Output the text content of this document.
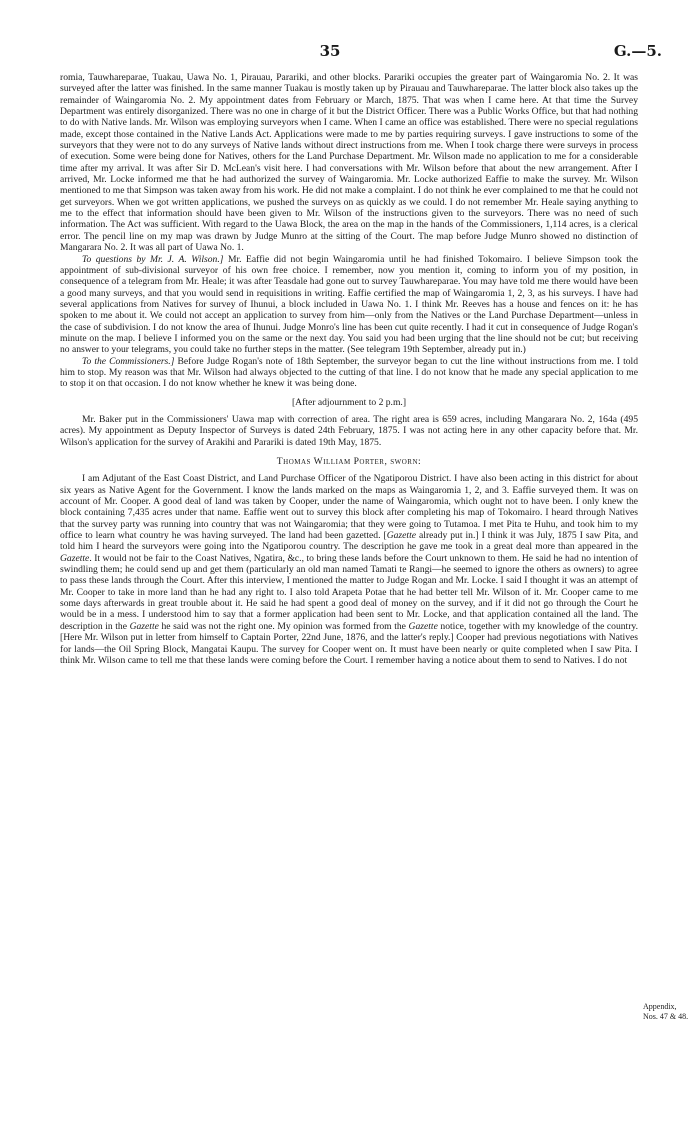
35	G.—5.

romia, Tauwhareparae, Tuakau, Uawa No. 1, Pirauau, Parariki, and other blocks. Parariki occupies the greater part of Waingaromia No. 2. It was surveyed after the latter was finished. In the same manner Tuakau is mostly taken up by Pirauau and Tauwhareparae. The latter block also takes up the remainder of Waingaromia No. 2. My appointment dates from February or March, 1875. That was when I came here. At that time the Survey Department was entirely disorganized. There was no one in charge of it but the District Officer. There was a Public Works Office, but that had nothing to do with Native lands. Mr. Wilson was employing surveyors when I came. When I came an office was established. There were no special regulations made, except those contained in the Native Lands Act. Applications were made to me by parties requiring surveys. I gave instructions to some of the surveyors that they were not to do any surveys of Native lands without direct instructions from me. When I took charge there were surveys in process of execution. Some were being done for Natives, others for the Land Purchase Department. Mr. Wilson made no application to me for a considerable time after my arrival. It was after Sir D. McLean's visit here. I had conversations with Mr. Wilson before that about the new arrangement. After I arrived, Mr. Locke informed me that he had authorized the survey of Waingaromia. Mr. Locke authorized Eaffie to make the survey. Mr. Wilson mentioned to me that Simpson was taken away from his work. He did not make a complaint. I do not think he ever complained to me that he could not get surveyors. When we got written applications, we pushed the surveys on as quickly as we could. I do not remember Mr. Heale saying anything to me to the effect that information should have been given to Mr. Wilson of the instructions given to the surveyors. There was no need of such information. The Act was sufficient. With regard to the Uawa Block, the area on the map in the hands of the Commissioners, 1,114 acres, is a clerical error. The pencil line on my map was drawn by Judge Munro at the sitting of the Court. The map before Judge Munro showed no distinction of Mangarara No. 2. It was all part of Uawa No. 1.

To questions by Mr. J. A. Wilson.] Mr. Eaffie did not begin Waingaromia until he had finished Tokomairo. I believe Simpson took the appointment of sub-divisional surveyor of his own free choice. I remember, now you mention it, coming to inform you of my position, in consequence of a telegram from Mr. Heale; it was after Teasdale had gone out to survey Tauwhareparae. You may have told me there would have been a good many surveys, and that you would send in requisitions in writing. Eaffie certified the map of Waingaromia 1, 2, 3, as his surveys. I have had several applications from Natives for survey of Ihunui, a block included in Uawa No. 1. I think Mr. Reeves has a house and fences on it: he has spoken to me about it. We could not accept an application to survey from him—only from the Natives or the Land Purchase Department—unless in the case of subdivision. I do not know the area of Ihunui. Judge Monro's line has been cut quite recently. I had it cut in consequence of Judge Rogan's minute on the map. I believe I informed you on the same or the next day. You said you had been urging that the line should not be cut; but receiving no answer to your telegrams, you could take no further steps in the matter. (See telegram 19th September, already put in.)

To the Commissioners.] Before Judge Rogan's note of 18th September, the surveyor began to cut the line without instructions from me. I told him to stop. My reason was that Mr. Wilson had always objected to the cutting of that line. I do not know that he made any special application to me to stop it on that occasion. I do not know whether he knew it was being done.

[After adjournment to 2 p.m.]

Mr. Baker put in the Commissioners' Uawa map with correction of area. The right area is 659 acres, including Mangarara No. 2, 164a (495 acres). My appointment as Deputy Inspector of Surveys is dated 24th February, 1875. I was not acting here in any other capacity before that. Mr. Wilson's application for the survey of Arakihi and Parariki is dated 19th May, 1875.

Thomas William Porter, sworn:

I am Adjutant of the East Coast District, and Land Purchase Officer of the Ngatiporou District. I have also been acting in this district for about six years as Native Agent for the Government. I know the lands marked on the maps as Waingaromia 1, 2, and 3. Eaffie surveyed them. It was on account of Mr. Cooper. A good deal of land was taken by Cooper, under the name of Waingaromia, which ought not to have been. I only knew the block containing 7,435 acres under that name. Eaffie went out to survey this block after completing his map of Tokomairo. I heard through Natives that the survey party was running into country that was not Waingaromia; that they were going to Tutamoa. I met Pita te Huhu, and took him to my office to learn what country he was having surveyed. The land had been gazetted. [Gazette already put in.] I think it was July, 1875 I saw Pita, and told him I heard the surveyors were going into the Ngatiporou country. The description he gave me took in a great deal more than appeared in the Gazette. It would not be fair to the Coast Natives, Ngatira, &c., to bring these lands before the Court unknown to them. He said he had no intention of swindling them; he could send up and get them (particularly an old man named Tamati te Rangi—he seemed to ignore the others as owners) to agree to pass these lands through the Court. After this interview, I mentioned the matter to Judge Rogan and Mr. Locke. I said I thought it was an attempt of Mr. Cooper to take in more land than he had any right to. I also told Arapeta Potae that he had better tell Mr. Wilson of it. Mr. Cooper came to me some days afterwards in great trouble about it. He said he had spent a good deal of money on the survey, and if it did not go through the Court he would be in a mess. I understood him to say that a former application had been sent to Mr. Locke, and that application contained all the land. The description in the Gazette he said was not the right one. My opinion was formed from the Gazette notice, together with my knowledge of the country. [Here Mr. Wilson put in letter from himself to Captain Porter, 22nd June, 1876, and the latter's reply.] Cooper had previous negotiations with Natives for lands—the Oil Spring Block, Mangatai Kaupu. The survey for Cooper went on. It must have been nearly or quite completed when I saw Pita. I think Mr. Wilson came to tell me that these lands were coming before the Court. I remember having a notice about them to send to Natives. I do not

Appendix,
Nos. 47 & 48.
